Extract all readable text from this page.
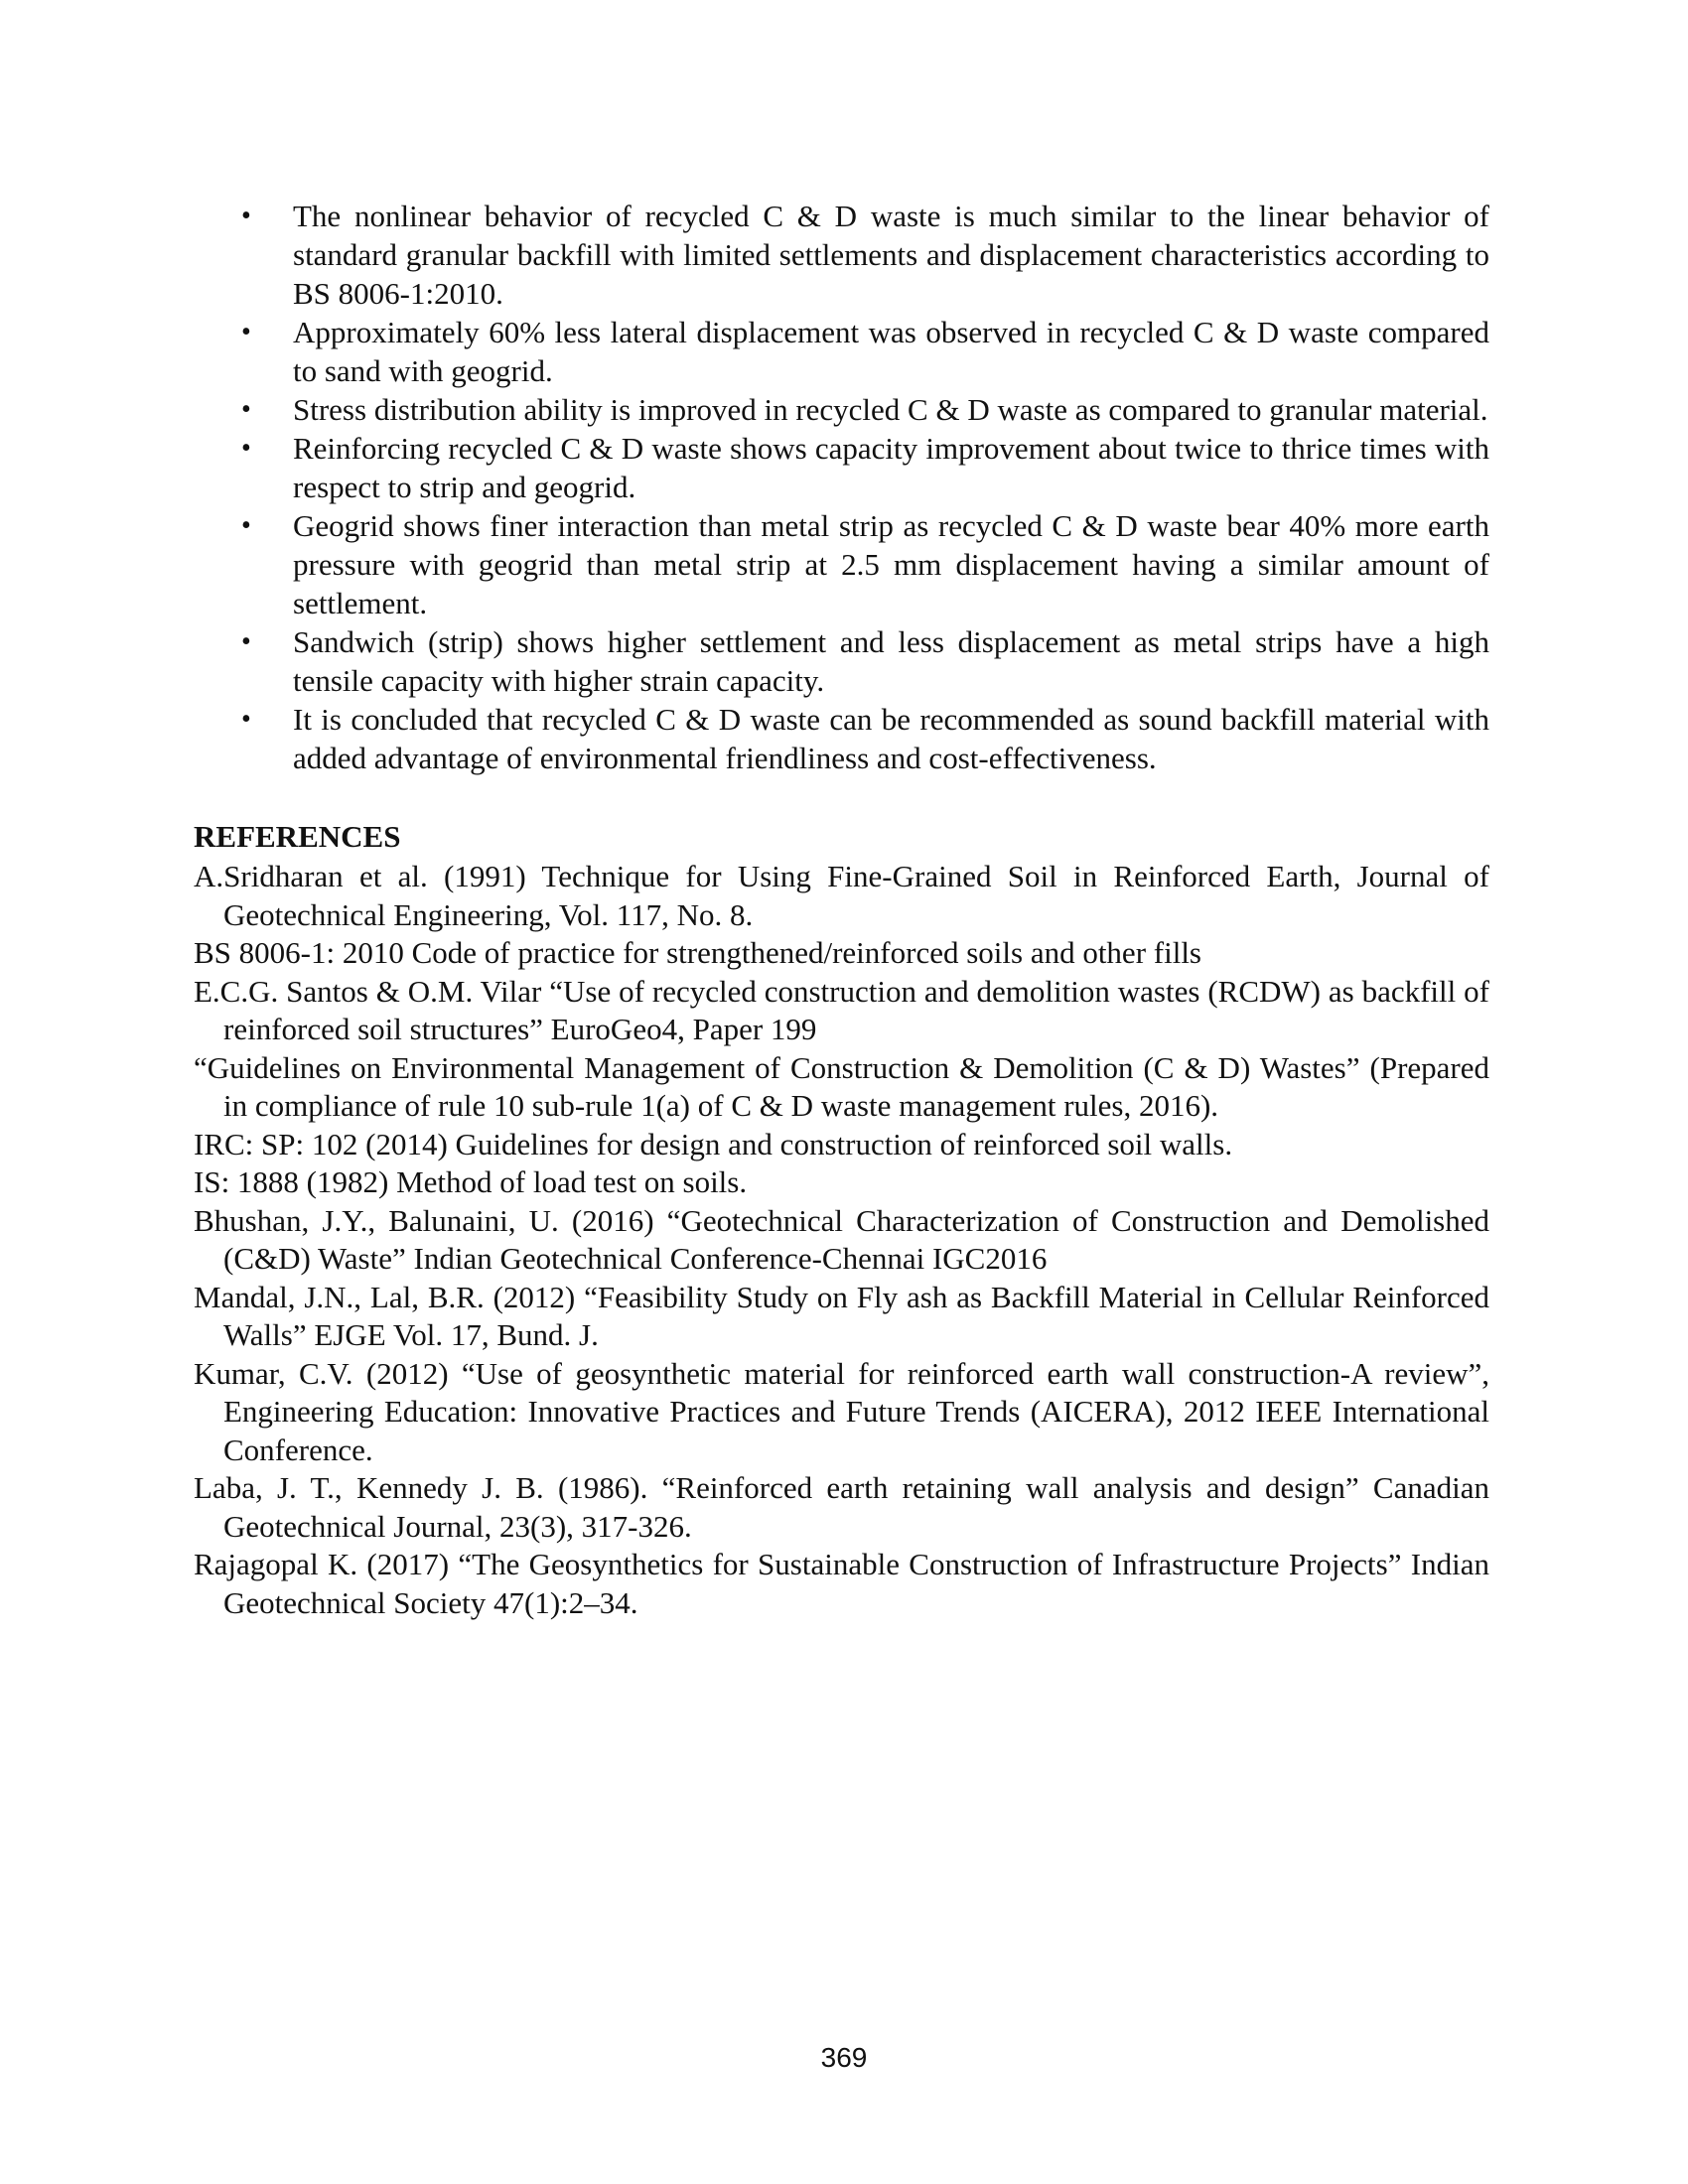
• The nonlinear behavior of recycled C & D waste is much similar to the linear behavior of standard granular backfill with limited settlements and displacement characteristics according to BS 8006-1:2010.
• Approximately 60% less lateral displacement was observed in recycled C & D waste compared to sand with geogrid.
• Stress distribution ability is improved in recycled C & D waste as compared to granular material.
• Reinforcing recycled C & D waste shows capacity improvement about twice to thrice times with respect to strip and geogrid.
• Geogrid shows finer interaction than metal strip as recycled C & D waste bear 40% more earth pressure with geogrid than metal strip at 2.5 mm displacement having a similar amount of settlement.
• Sandwich (strip) shows higher settlement and less displacement as metal strips have a high tensile capacity with higher strain capacity.
• It is concluded that recycled C & D waste can be recommended as sound backfill material with added advantage of environmental friendliness and cost-effectiveness.
REFERENCES

A.Sridharan et al. (1991) Technique for Using Fine-Grained Soil in Reinforced Earth, Journal of Geotechnical Engineering, Vol. 117, No. 8.

BS 8006-1: 2010 Code of practice for strengthened/reinforced soils and other fills

E.C.G. Santos & O.M. Vilar “Use of recycled construction and demolition wastes (RCDW) as backfill of reinforced soil structures” EuroGeo4, Paper 199

“Guidelines on Environmental Management of Construction & Demolition (C & D) Wastes” (Prepared in compliance of rule 10 sub-rule 1(a) of C & D waste management rules, 2016).

IRC: SP: 102 (2014) Guidelines for design and construction of reinforced soil walls.

IS: 1888 (1982) Method of load test on soils.

Bhushan, J.Y., Balunaini, U. (2016) “Geotechnical Characterization of Construction and Demolished (C&D) Waste” Indian Geotechnical Conference-Chennai IGC2016

Mandal, J.N., Lal, B.R. (2012) “Feasibility Study on Fly ash as Backfill Material in Cellular Reinforced Walls” EJGE Vol. 17, Bund. J.

Kumar, C.V. (2012) “Use of geosynthetic material for reinforced earth wall construction-A review”, Engineering Education: Innovative Practices and Future Trends (AICERA), 2012 IEEE International Conference.

Laba, J. T., Kennedy J. B. (1986). “Reinforced earth retaining wall analysis and design” Canadian Geotechnical Journal, 23(3), 317-326.

Rajagopal K. (2017) “The Geosynthetics for Sustainable Construction of Infrastructure Projects” Indian Geotechnical Society 47(1):2–34.

369
